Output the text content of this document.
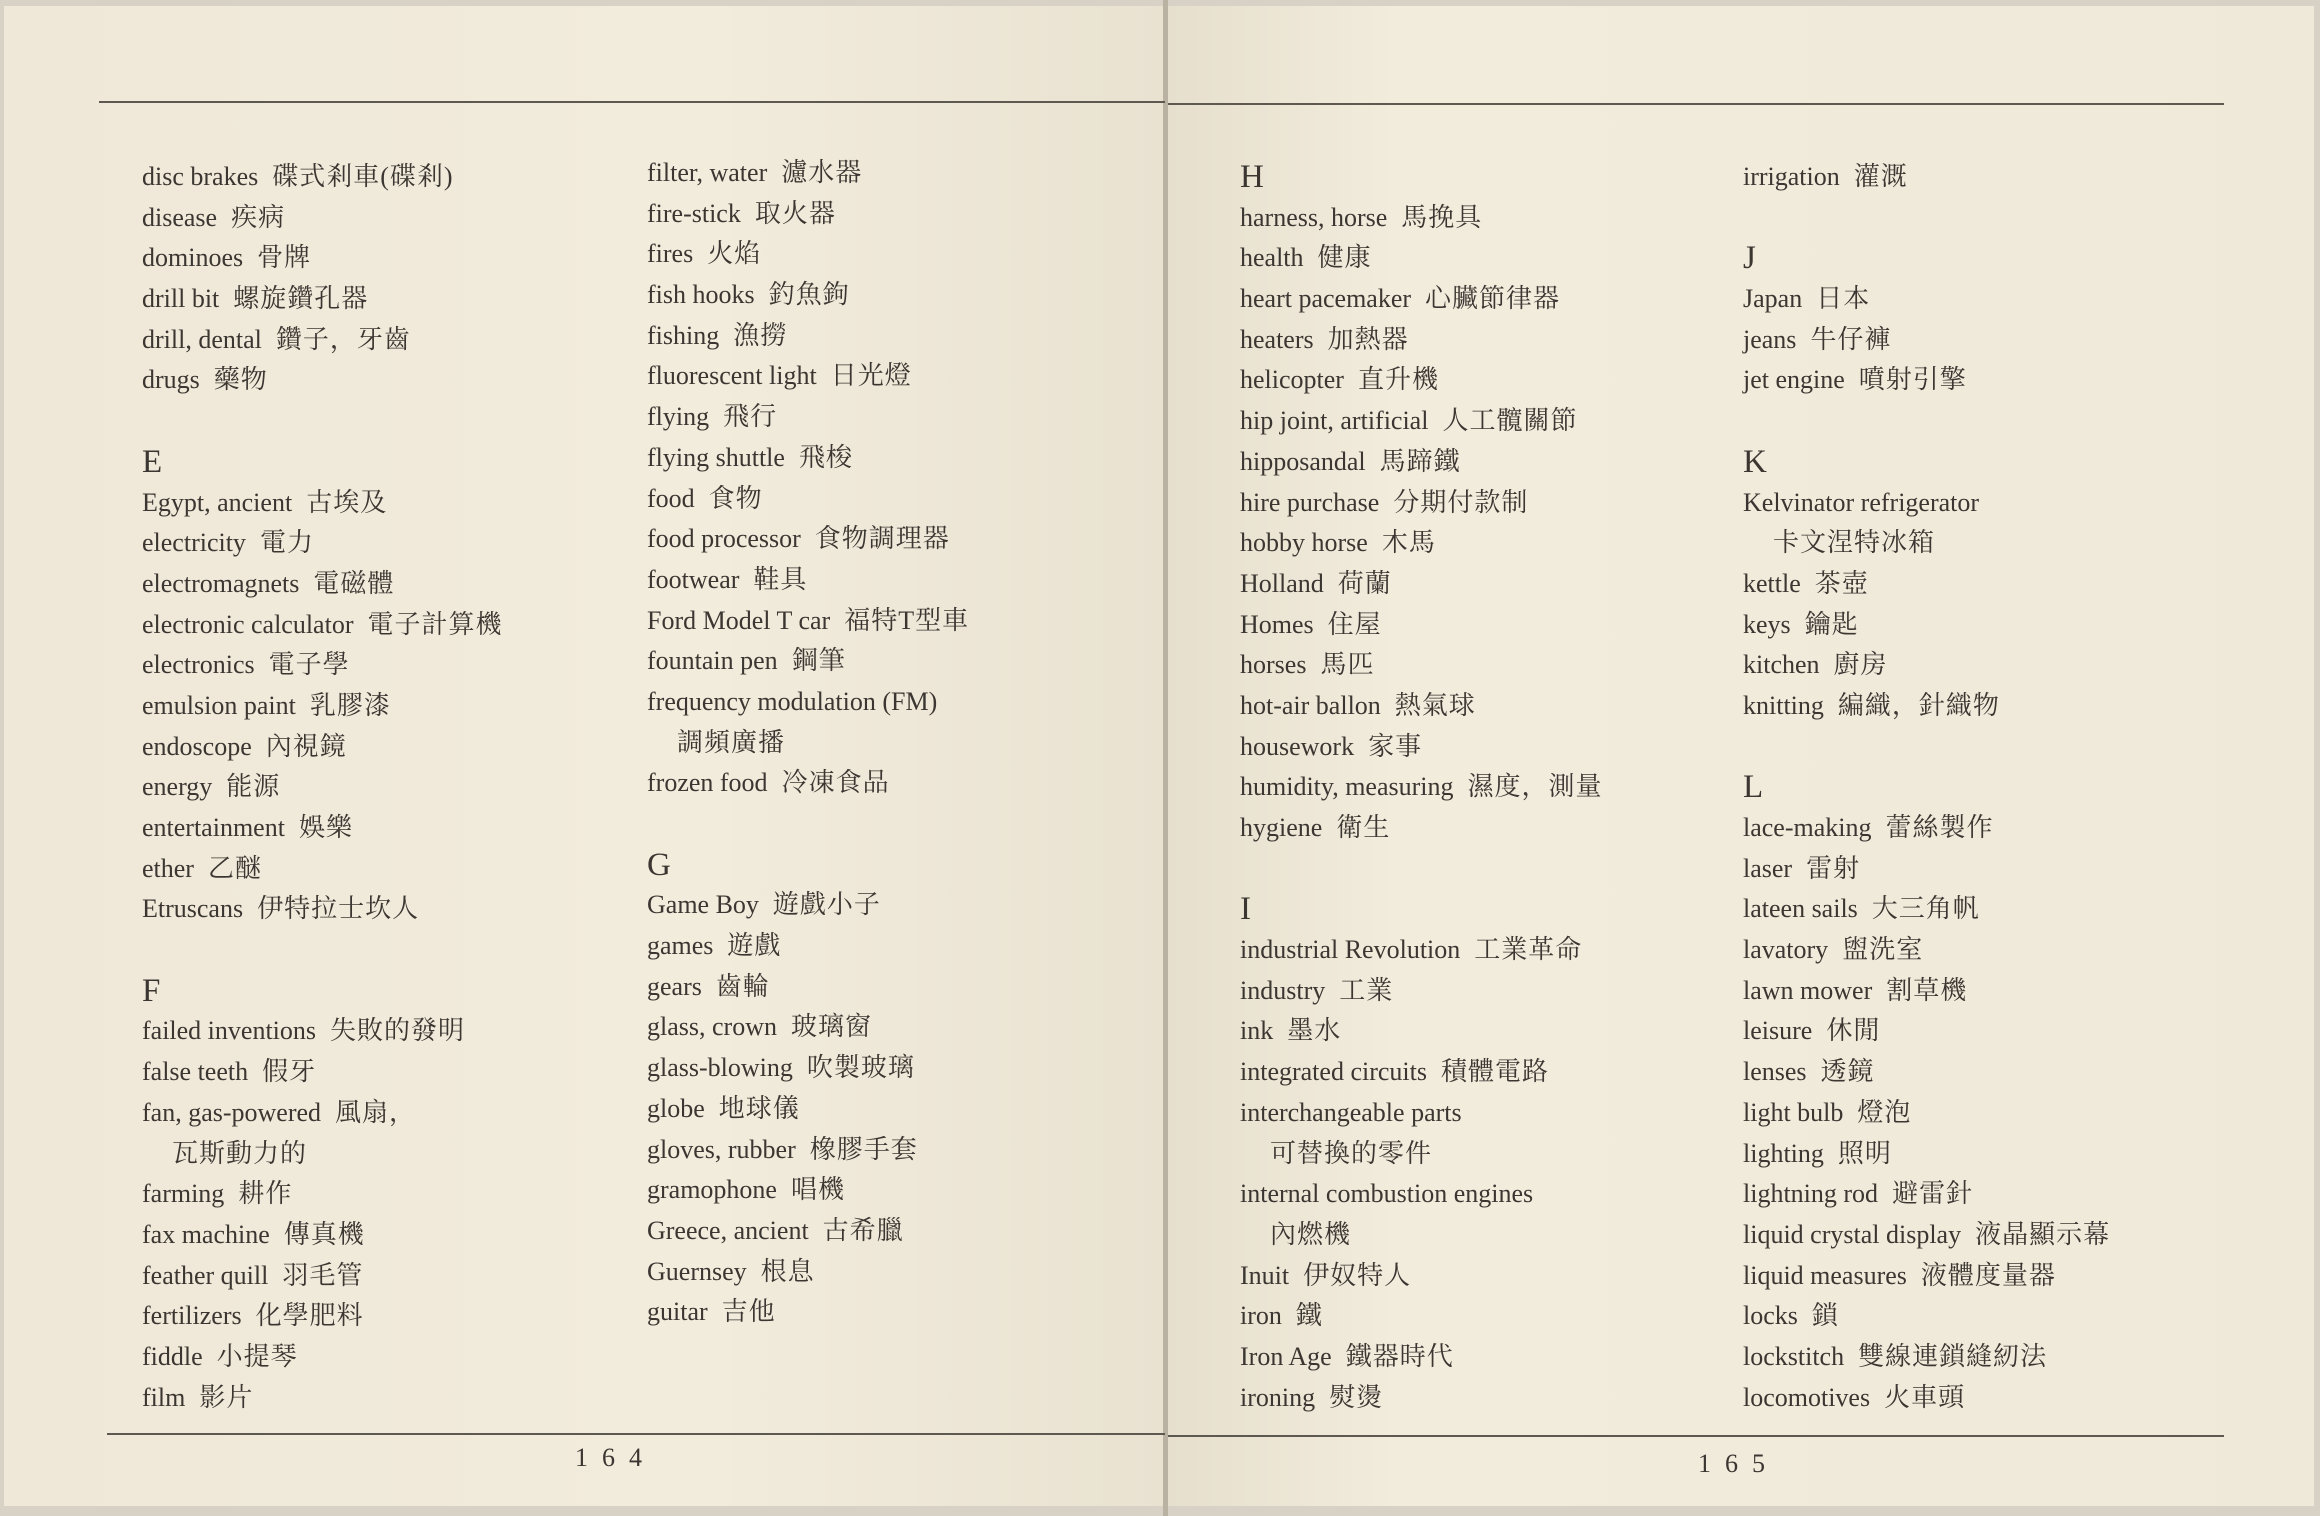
disc brakes 碟式剎車(碟剎)
disease 疾病
dominoes 骨牌
drill bit 螺旋鑽孔器
drill, dental 鑽子，牙齒
drugs 藥物
E
Egypt, ancient 古埃及
electricity 電力
electromagnets 電磁體
electronic calculator 電子計算機
electronics 電子學
emulsion paint 乳膠漆
endoscope 內視鏡
energy 能源
entertainment 娛樂
ether 乙醚
Etruscans 伊特拉士坎人
F
failed inventions 失敗的發明
false teeth 假牙
fan, gas-powered 風扇，
瓦斯動力的
farming 耕作
fax machine 傳真機
feather quill 羽毛管
fertilizers 化學肥料
fiddle 小提琴
film 影片
filter, water 濾水器
fire-stick 取火器
fires 火焰
fish hooks 釣魚鉤
fishing 漁撈
fluorescent light 日光燈
flying 飛行
flying shuttle 飛梭
food 食物
food processor 食物調理器
footwear 鞋具
Ford Model T car 福特T型車
fountain pen 鋼筆
frequency modulation (FM)
調頻廣播
frozen food 冷凍食品
G
Game Boy 遊戲小子
games 遊戲
gears 齒輪
glass, crown 玻璃窗
glass-blowing 吹製玻璃
globe 地球儀
gloves, rubber 橡膠手套
gramophone 唱機
Greece, ancient 古希臘
Guernsey 根息
guitar 吉他
H
harness, horse 馬挽具
health 健康
heart pacemaker 心臟節律器
heaters 加熱器
helicopter 直升機
hip joint, artificial 人工髖關節
hipposandal 馬蹄鐵
hire purchase 分期付款制
hobby horse 木馬
Holland 荷蘭
Homes 住屋
horses 馬匹
hot-air ballon 熱氣球
housework 家事
humidity, measuring 濕度，測量
hygiene 衛生
I
industrial Revolution 工業革命
industry 工業
ink 墨水
integrated circuits 積體電路
interchangeable parts
可替換的零件
internal combustion engines
內燃機
Inuit 伊奴特人
iron 鐵
Iron Age 鐵器時代
ironing 熨燙
irrigation 灌溉
J
Japan 日本
jeans 牛仔褲
jet engine 噴射引擎
K
Kelvinator refrigerator
卡文涅特冰箱
kettle 茶壺
keys 鑰匙
kitchen 廚房
knitting 編織，針織物
L
lace-making 蕾絲製作
laser 雷射
lateen sails 大三角帆
lavatory 盥洗室
lawn mower 割草機
leisure 休閒
lenses 透鏡
light bulb 燈泡
lighting 照明
lightning rod 避雷針
liquid crystal display 液晶顯示幕
liquid measures 液體度量器
locks 鎖
lockstitch 雙線連鎖縫紉法
locomotives 火車頭
164	165
